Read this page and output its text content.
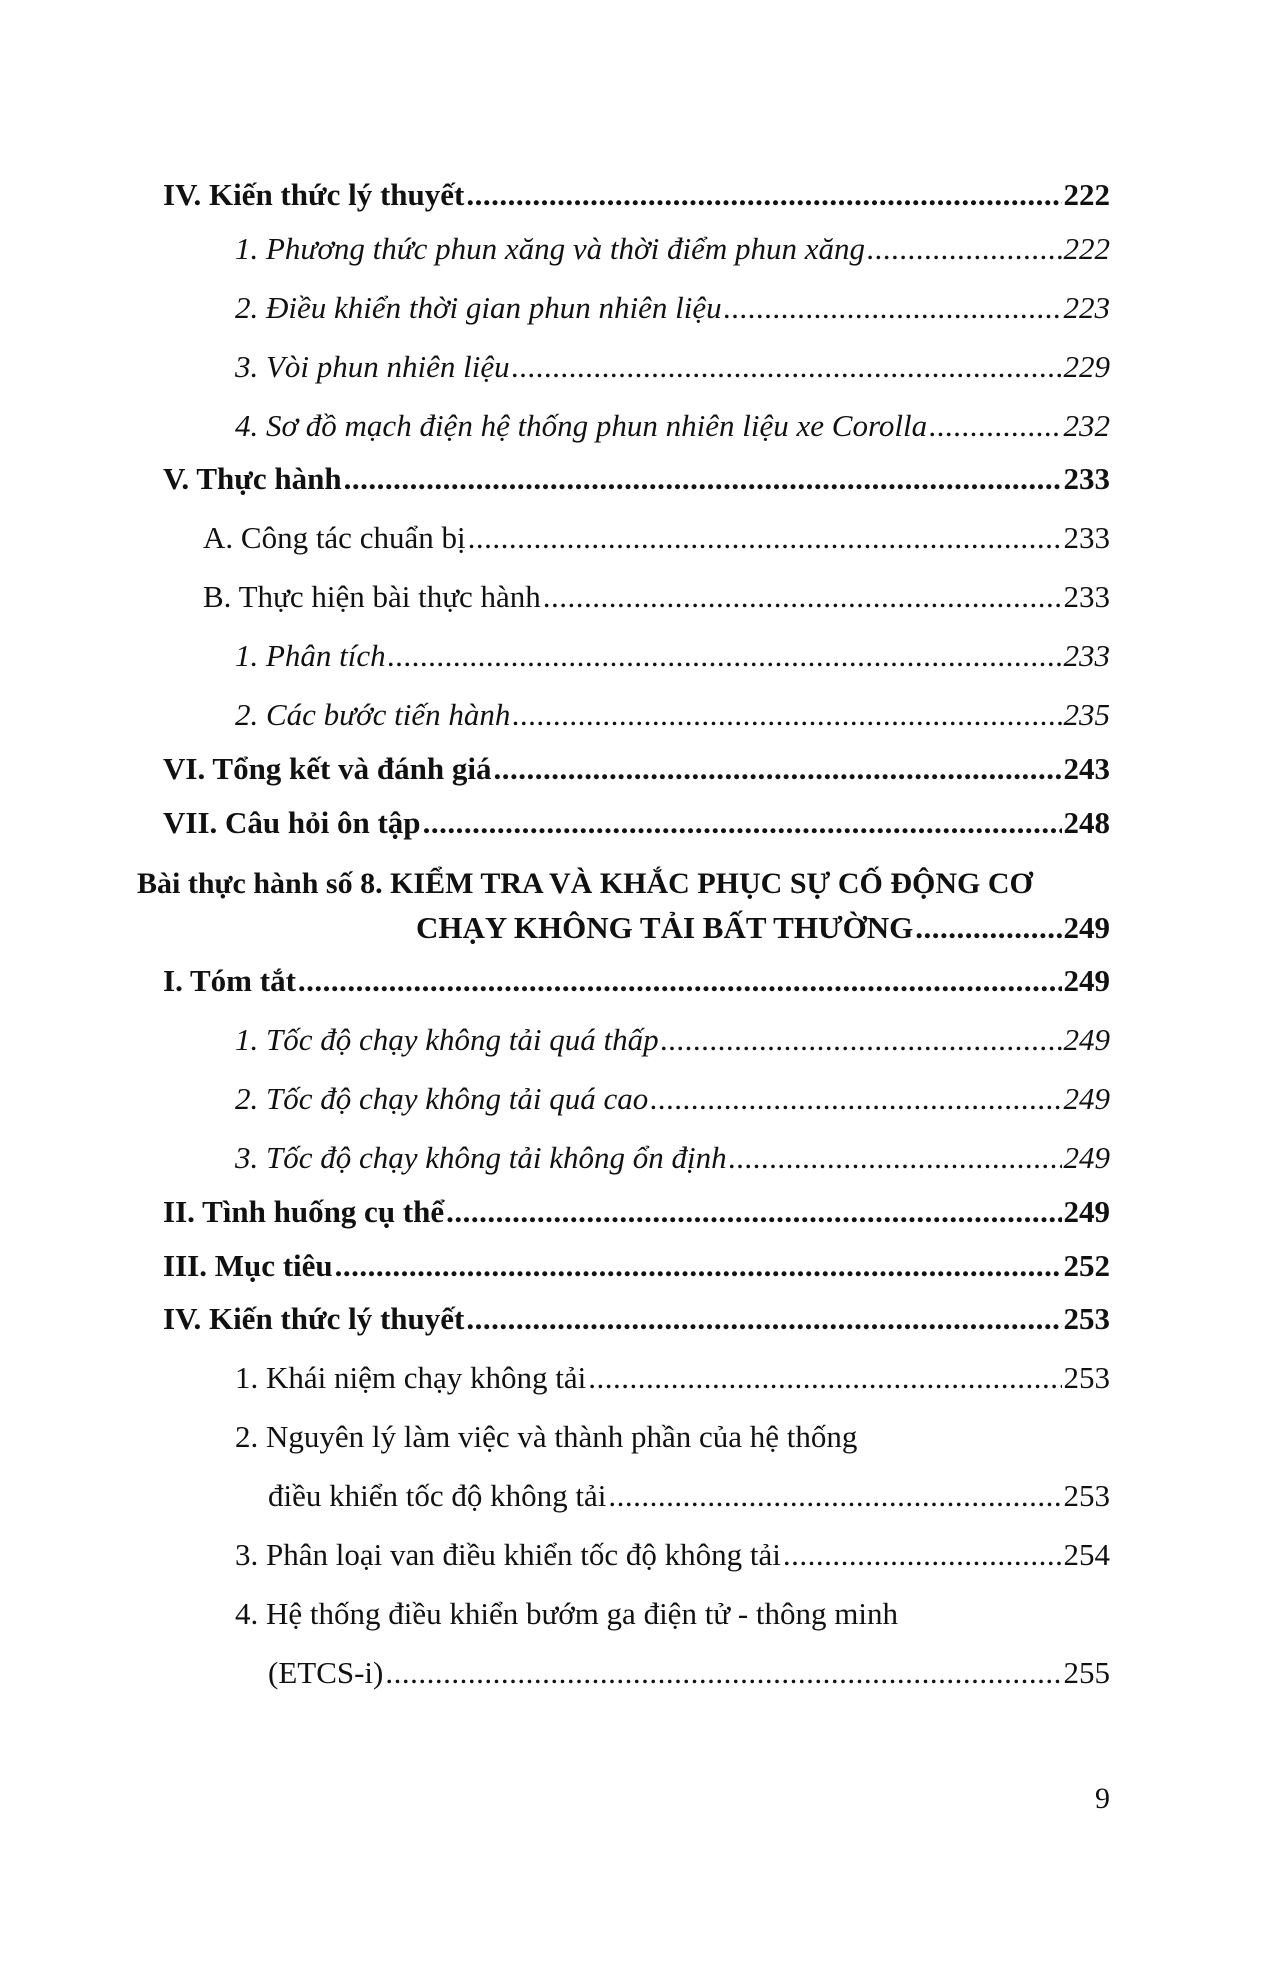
IV. Kiến thức lý thuyết .....	222
1. Phương thức phun xăng và thời điểm phun xăng .....	222
2. Điều khiển thời gian phun nhiên liệu .....	223
3. Vòi phun nhiên liệu .....	229
4. Sơ đồ mạch điện hệ thống phun nhiên liệu xe Corolla .....	232
V. Thực hành .....	233
A. Công tác chuẩn bị .....	233
B. Thực hiện bài thực hành .....	233
1. Phân tích .....	233
2. Các bước tiến hành .....	235
VI. Tổng kết và đánh giá .....	243
VII. Câu hỏi ôn tập .....	248
Bài thực hành số 8. KIỂM TRA VÀ KHẮC PHỤC SỰ CỐ ĐỘNG CƠ
CHẠY KHÔNG TẢI BẤT THƯỜNG .....	249
I. Tóm tắt .....	249
1. Tốc độ chạy không tải quá thấp .....	249
2. Tốc độ chạy không tải quá cao .....	249
3. Tốc độ chạy không tải không ổn định .....	249
II. Tình huống cụ thể .....	249
III. Mục tiêu .....	252
IV. Kiến thức lý thuyết .....	253
1. Khái niệm chạy không tải .....	253
2. Nguyên lý làm việc và thành phần của hệ thống
điều khiển tốc độ không tải .....	253
3. Phân loại van điều khiển tốc độ không tải .....	254
4. Hệ thống điều khiển bướm ga điện tử - thông minh
(ETCS-i) .....	255
9
